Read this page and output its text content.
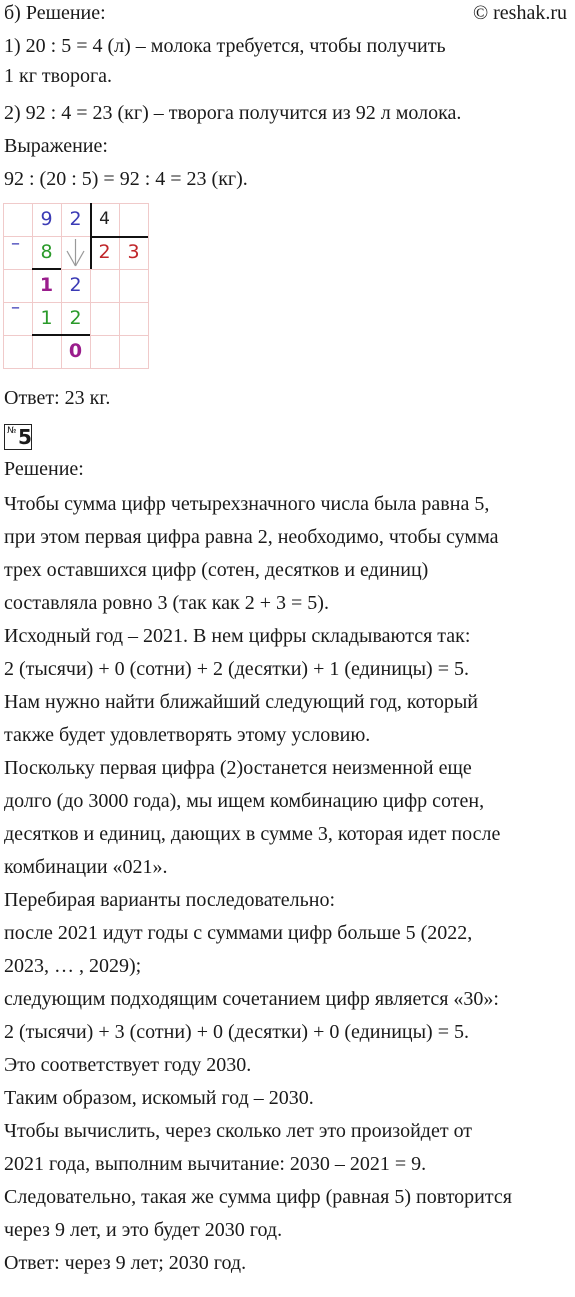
© reshak.ru
б) Решение:
1) 20 : 5 = 4 (л) – молока требуется, чтобы получить
1 кг творога.
2) 92 : 4 = 23 (кг) – творога получится из 92 л молока.
Выражение:
92 : (20 : 5) = 92 : 4 = 23 (кг).
–
–
9 2	4
8	2 3
1 2
1 2
0
Ответ: 23 кг.
№ 5
Решение:
Чтобы сумма цифр четырехзначного числа была равна 5,
при этом первая цифра равна 2, необходимо, чтобы сумма
трех оставшихся цифр (сотен, десятков и единиц)
составляла ровно 3 (так как 2 + 3 = 5).
Исходный год – 2021. В нем цифры складываются так:
2 (тысячи) + 0 (сотни) + 2 (десятки) + 1 (единицы) = 5.
Нам нужно найти ближайший следующий год, который
также будет удовлетворять этому условию.
Поскольку первая цифра (2)останется неизменной еще
долго (до 3000 года), мы ищем комбинацию цифр сотен,
десятков и единиц, дающих в сумме 3, которая идет после
комбинации «021».
Перебирая варианты последовательно:
после 2021 идут годы с суммами цифр больше 5 (2022,
2023, … , 2029);
следующим подходящим сочетанием цифр является «30»:
2 (тысячи) + 3 (сотни) + 0 (десятки) + 0 (единицы) = 5.
Это соответствует году 2030.
Таким образом, искомый год – 2030.
Чтобы вычислить, через сколько лет это произойдет от
2021 года, выполним вычитание: 2030 – 2021 = 9.
Следовательно, такая же сумма цифр (равная 5) повторится
через 9 лет, и это будет 2030 год.
Ответ: через 9 лет; 2030 год.
